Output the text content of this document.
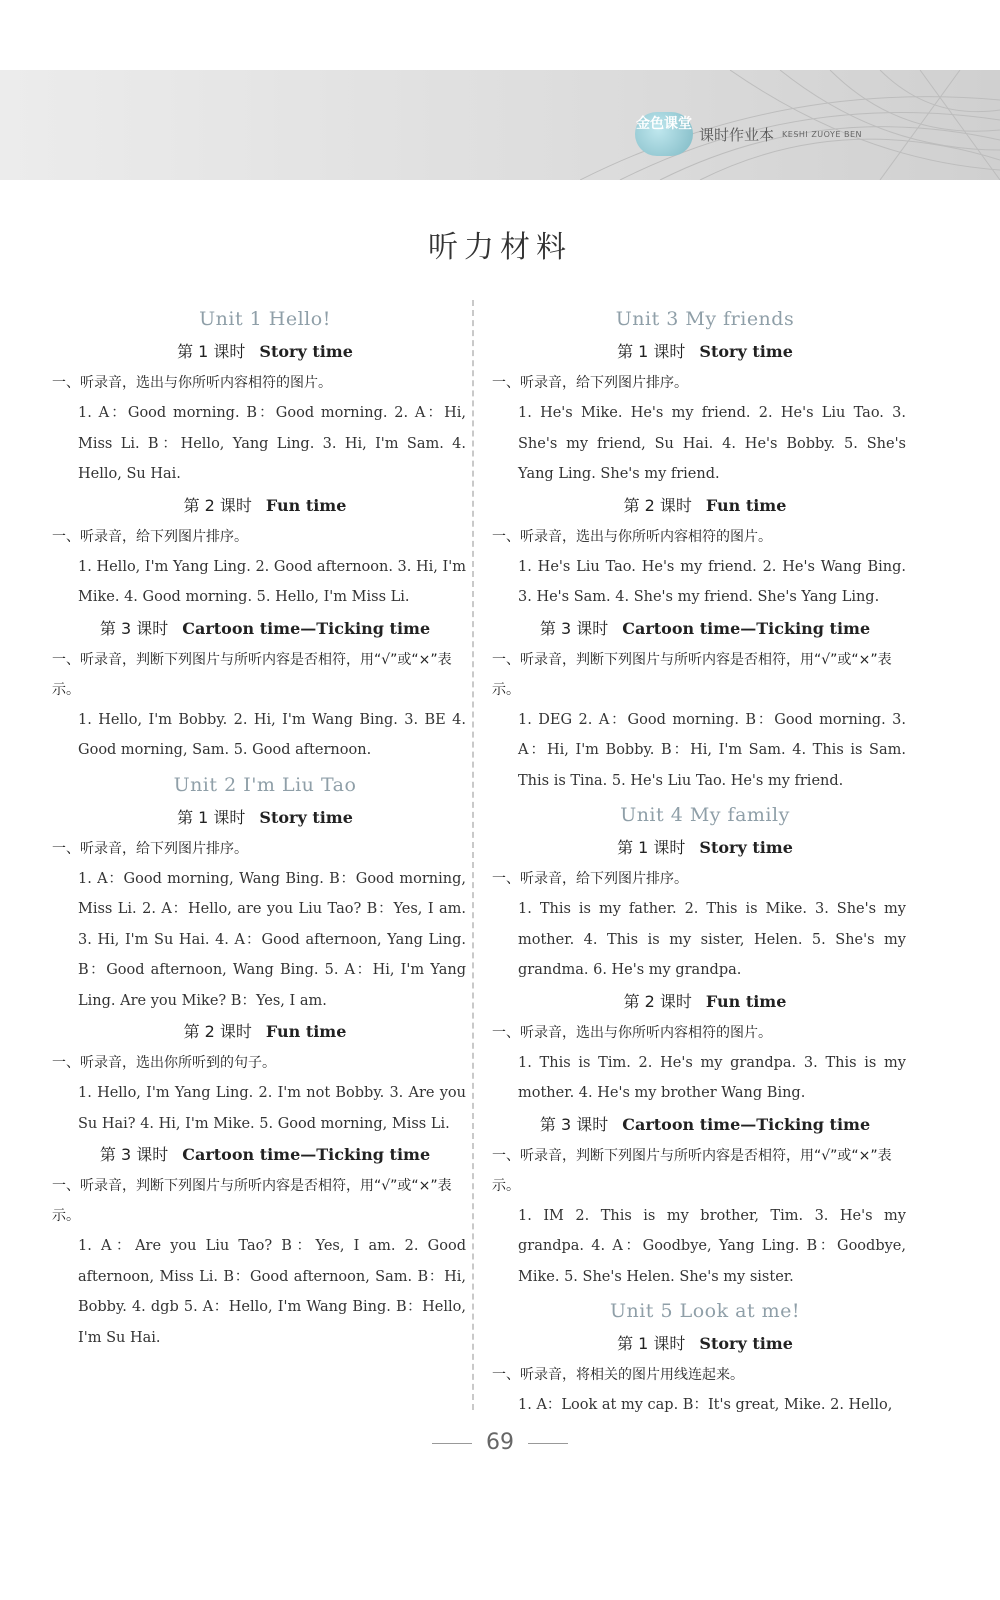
金色课堂
课时作业本 KESHI ZUOYE BEN
听力材料
Unit 1 Hello!
第 1 课时 Story time
一、听录音，选出与你所听内容相符的图片。
1. A：Good morning. B：Good morning. 2. A：Hi, Miss Li. B：Hello, Yang Ling. 3. Hi, I'm Sam. 4. Hello, Su Hai.
第 2 课时 Fun time
一、听录音，给下列图片排序。
1. Hello, I'm Yang Ling. 2. Good afternoon. 3. Hi, I'm Mike. 4. Good morning. 5. Hello, I'm Miss Li.
第 3 课时 Cartoon time—Ticking time
一、听录音，判断下列图片与所听内容是否相符，用“√”或“×”表示。
1. Hello, I'm Bobby. 2. Hi, I'm Wang Bing. 3. BE 4. Good morning, Sam. 5. Good afternoon.
Unit 2 I'm Liu Tao
第 1 课时 Story time
一、听录音，给下列图片排序。
1. A：Good morning, Wang Bing. B：Good morning, Miss Li. 2. A：Hello, are you Liu Tao? B：Yes, I am. 3. Hi, I'm Su Hai. 4. A：Good afternoon, Yang Ling. B：Good afternoon, Wang Bing. 5. A：Hi, I'm Yang Ling. Are you Mike? B：Yes, I am.
第 2 课时 Fun time
一、听录音，选出你所听到的句子。
1. Hello, I'm Yang Ling. 2. I'm not Bobby. 3. Are you Su Hai? 4. Hi, I'm Mike. 5. Good morning, Miss Li.
第 3 课时 Cartoon time—Ticking time
一、听录音，判断下列图片与所听内容是否相符，用“√”或“×”表示。
1. A：Are you Liu Tao? B：Yes, I am. 2. Good afternoon, Miss Li. B：Good afternoon, Sam. B：Hi, Bobby. 4. dgb 5. A：Hello, I'm Wang Bing. B：Hello, I'm Su Hai.
Unit 3 My friends
第 1 课时 Story time
一、听录音，给下列图片排序。
1. He's Mike. He's my friend. 2. He's Liu Tao. 3. She's my friend, Su Hai. 4. He's Bobby. 5. She's Yang Ling. She's my friend.
第 2 课时 Fun time
一、听录音，选出与你所听内容相符的图片。
1. He's Liu Tao. He's my friend. 2. He's Wang Bing. 3. He's Sam. 4. She's my friend. She's Yang Ling.
第 3 课时 Cartoon time—Ticking time
一、听录音，判断下列图片与所听内容是否相符，用“√”或“×”表示。
1. DEG 2. A：Good morning. B：Good morning. 3. A：Hi, I'm Bobby. B：Hi, I'm Sam. 4. This is Sam. This is Tina. 5. He's Liu Tao. He's my friend.
Unit 4 My family
第 1 课时 Story time
一、听录音，给下列图片排序。
1. This is my father. 2. This is Mike. 3. She's my mother. 4. This is my sister, Helen. 5. She's my grandma. 6. He's my grandpa.
第 2 课时 Fun time
一、听录音，选出与你所听内容相符的图片。
1. This is Tim. 2. He's my grandpa. 3. This is my mother. 4. He's my brother Wang Bing.
第 3 课时 Cartoon time—Ticking time
一、听录音，判断下列图片与所听内容是否相符，用“√”或“×”表示。
1. IM 2. This is my brother, Tim. 3. He's my grandpa. 4. A：Goodbye, Yang Ling. B：Goodbye, Mike. 5. She's Helen. She's my sister.
Unit 5 Look at me!
第 1 课时 Story time
一、听录音，将相关的图片用线连起来。
1. A：Look at my cap. B：It's great, Mike. 2. Hello,
69
